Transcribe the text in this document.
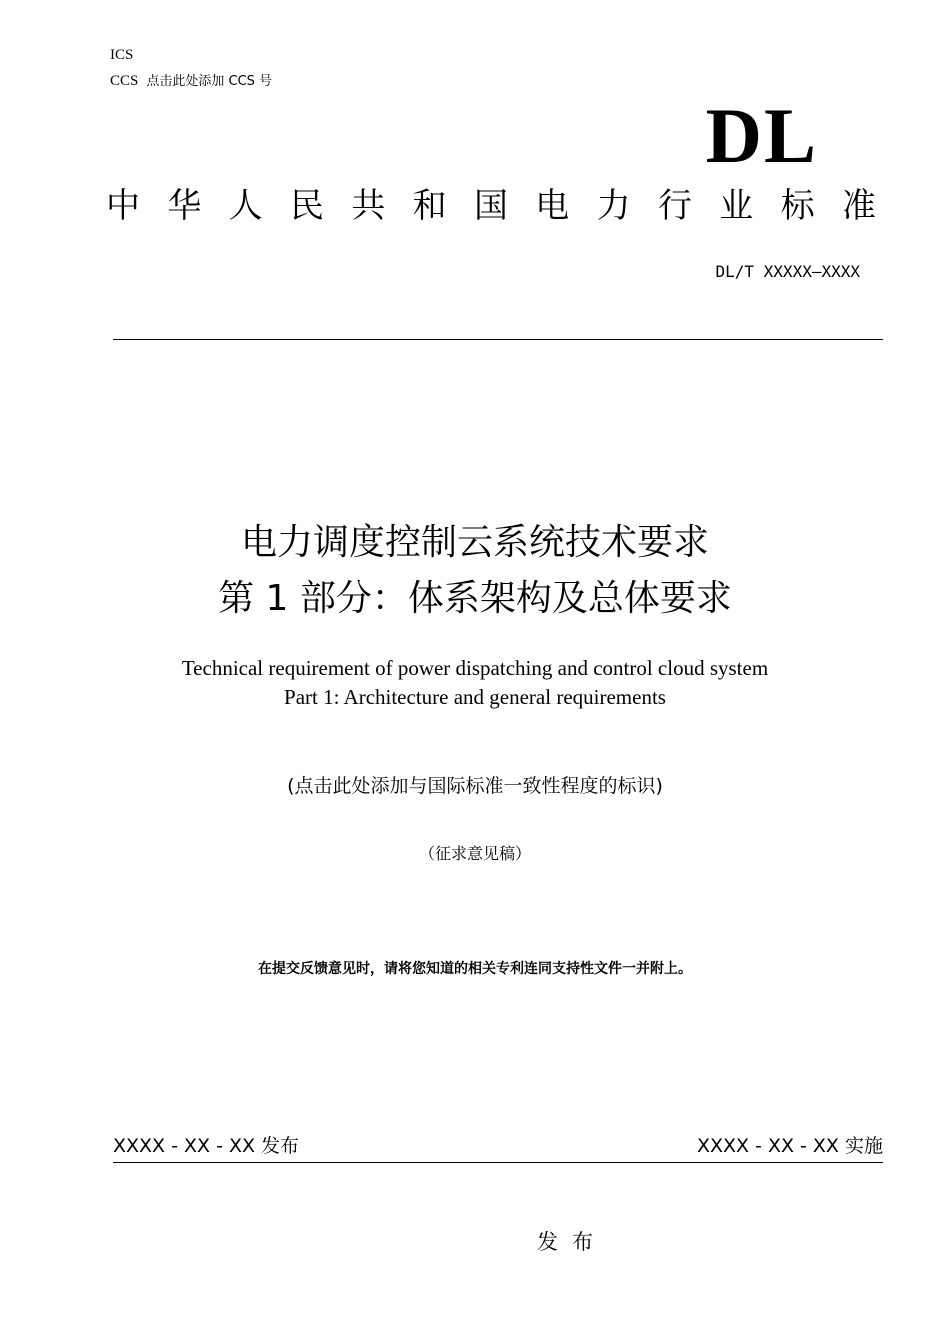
ICS
CCS 点击此处添加 CCS 号
DL
中 华 人 民 共 和 国 电 力 行 业 标 准
DL/T XXXXX—XXXX
电力调度控制云系统技术要求
第 1 部分：体系架构及总体要求
Technical requirement of power dispatching and control cloud system
Part 1: Architecture and general requirements
(点击此处添加与国际标准一致性程度的标识)
（征求意见稿）
在提交反馈意见时，请将您知道的相关专利连同支持性文件一并附上。
XXXX - XX - XX 发布	XXXX - XX - XX 实施
发布
